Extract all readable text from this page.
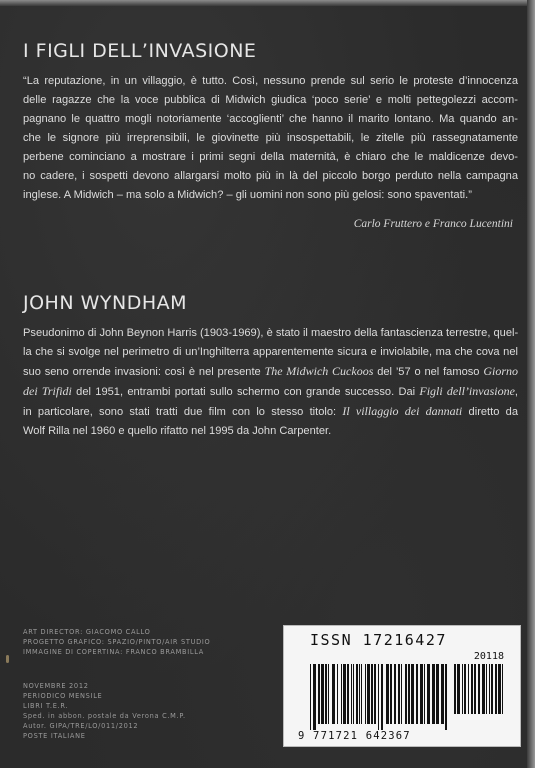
I FIGLI DELL’INVASIONE
“La reputazione, in un villaggio, è tutto. Così, nessuno prende sul serio le proteste d’innocenza
delle ragazze che la voce pubblica di Midwich giudica ‘poco serie’ e molti pettegolezzi accom-
pagnano le quattro mogli notoriamente ‘accoglienti’ che hanno il marito lontano. Ma quando an-
che le signore più irreprensibili, le giovinette più insospettabili, le zitelle più rassegnatamente
perbene cominciano a mostrare i primi segni della maternità, è chiaro che le maldicenze devo-
no cadere, i sospetti devono allargarsi molto più in là del piccolo borgo perduto nella campagna
inglese. A Midwich – ma solo a Midwich? – gli uomini non sono più gelosi: sono spaventati.”
Carlo Fruttero e Franco Lucentini
JOHN WYNDHAM
Pseudonimo di John Beynon Harris (1903-1969), è stato il maestro della fantascienza terrestre, quel-
la che si svolge nel perimetro di un’Inghilterra apparentemente sicura e inviolabile, ma che cova nel
suo seno orrende invasioni: così è nel presente The Midwich Cuckoos del ’57 o nel famoso Giorno
dei Trifidi del 1951, entrambi portati sullo schermo con grande successo. Dai Figli dell’invasione,
in particolare, sono stati tratti due film con lo stesso titolo: Il villaggio dei dannati diretto da
Wolf Rilla nel 1960 e quello rifatto nel 1995 da John Carpenter.
ART DIRECTOR: GIACOMO CALLO
PROGETTO GRAFICO: SPAZIO/PINTO/AIR STUDIO
IMMAGINE DI COPERTINA: FRANCO BRAMBILLA
NOVEMBRE 2012
PERIODICO MENSILE
LIBRI T.E.R.
Sped. in abbon. postale da Verona C.M.P.
Autor. GIPA/TRE/LO/011/2012
POSTE ITALIANE
ISSN 17216427
20118
9 771721 642367
